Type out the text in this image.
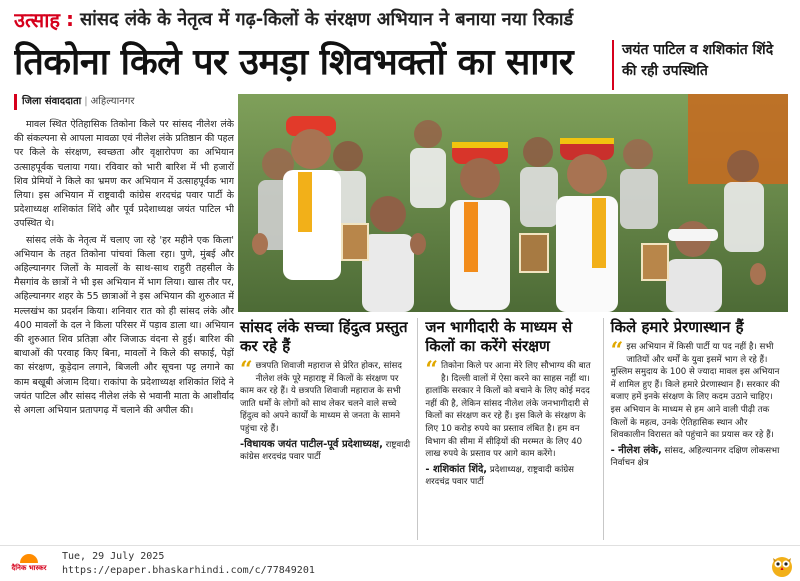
उत्साह : सांसद लंके के नेतृत्व में गढ़-किलों के संरक्षण अभियान ने बनाया नया रिकार्ड
तिकोना किले पर उमड़ा शिवभक्तों का सागर	जयंत पाटिल व शशिकांत शिंदे की रही उपस्थिति
जिला संवाददाता | अहिल्यानगर

मावल स्थित ऐतिहासिक तिकोना किले पर सांसद नीलेश लंके की संकल्पना से आपला मावळा एवं नीलेश लंके प्रतिष्ठान की पहल पर किले के संरक्षण, स्वच्छता और वृक्षारोपण का अभियान उत्साहपूर्वक चलाया गया। रविवार को भारी बारिश में भी हजारों शिव प्रेमियों ने किले का भ्रमण कर अभियान में उत्साहपूर्वक भाग लिया। इस अभियान में राष्ट्रवादी कांग्रेस शरदचंद्र पवार पार्टी के प्रदेशाध्यक्ष शशिकांत शिंदे और पूर्व प्रदेशाध्यक्ष जयंत पाटिल भी उपस्थित थे।

सांसद लंके के नेतृत्व में चलाए जा रहे 'हर महीने एक किला' अभियान के तहत तिकोना पांचवां किला रहा। पुणे, मुंबई और अहिल्यानगर जिलों के मावलों के साथ-साथ राहुरी तहसील के मैसगांव के छात्रों ने भी इस अभियान में भाग लिया। खास तौर पर, अहिल्यानगर शहर के 55 छात्राओं ने इस अभियान की शुरुआत में मल्लखंभ का प्रदर्शन किया। शनिवार रात को ही सांसद लंके और 400 मावलों के दल ने किला परिसर में पड़ाव डाला था। अभियान की शुरुआत शिव प्रतिज्ञा और जिजाऊ वंदना से हुई। बारिश की बाधाओं की परवाह किए बिना, मावलों ने किले की सफाई, पेड़ों का संरक्षण, कूड़ेदान लगाने, बिजली और सूचना पट्ट लगाने का काम बखूबी अंजाम दिया। राकांपा के प्रदेशाध्यक्ष शशिकांत शिंदे ने जयंत पाटिल और सांसद नीलेश लंके से भवानी माता के आशीर्वाद से अगला अभियान प्रतापगढ़ में चलाने की अपील की।

सांसद लंके सच्चा हिंदुत्व प्रस्तुत कर रहे हैं
“ छत्रपति शिवाजी महाराज से प्रेरित होकर, सांसद नीलेश लंके पूरे महाराष्ट्र में किलों के संरक्षण पर काम कर रहे हैं। ये छत्रपति शिवाजी महाराज के सभी जाति धर्मों के लोगों को साथ लेकर चलने वाले सच्चे हिंदुत्व को अपने कार्यों के माध्यम से जनता के सामने पहुंचा रहे हैं।
-विधायक जयंत पाटील-पूर्व प्रदेशाध्यक्ष, राष्ट्रवादी कांग्रेस शरदचंद्र पवार पार्टी
जन भागीदारी के माध्यम से किलों का करेंगे संरक्षण
“ तिकोना किले पर आना मेरे लिए सौभाग्य की बात है। दिल्ली वालों में ऐसा करने का साहस नहीं था। हालांकि सरकार ने किलों को बचाने के लिए कोई मदद नहीं की है, लेकिन सांसद नीलेश लंके जनभागीदारी से किलों का संरक्षण कर रहे हैं। इस किले के संरक्षण के लिए 10 करोड़ रुपये का प्रस्ताव लंबित है। हम वन विभाग की सीमा में सीढ़ियों की मरम्मत के लिए 40 लाख रुपये के प्रस्ताव पर आगे काम करेंगे।
- शशिकांत शिंदे, प्रदेशाध्यक्ष, राष्ट्रवादी कांग्रेस शरदचंद्र पवार पार्टी
किले हमारे प्रेरणास्थान हैं
“ इस अभियान में किसी पार्टी या पद नहीं है। सभी जातियों और धर्मों के युवा इसमें भाग ले रहे हैं। मुस्लिम समुदाय के 100 से ज्यादा मावल इस अभियान में शामिल हुए हैं। किले हमारे प्रेरणास्थान हैं। सरकार की बजाए हमें इनके संरक्षण के लिए कदम उठाने चाहिए। इस अभियान के माध्यम से हम आने वाली पीढ़ी तक किलों के महत्व, उनके ऐतिहासिक स्थान और शिवकालीन विरासत को पहुंचाने का प्रयास कर रहे हैं।
- नीलेश लंके, सांसद, अहिल्यानगर दक्षिण लोकसभा निर्वाचन क्षेत्र
दैनिक भास्कर
Tue, 29 July 2025
https://epaper.bhaskarhindi.com/c/77849201
